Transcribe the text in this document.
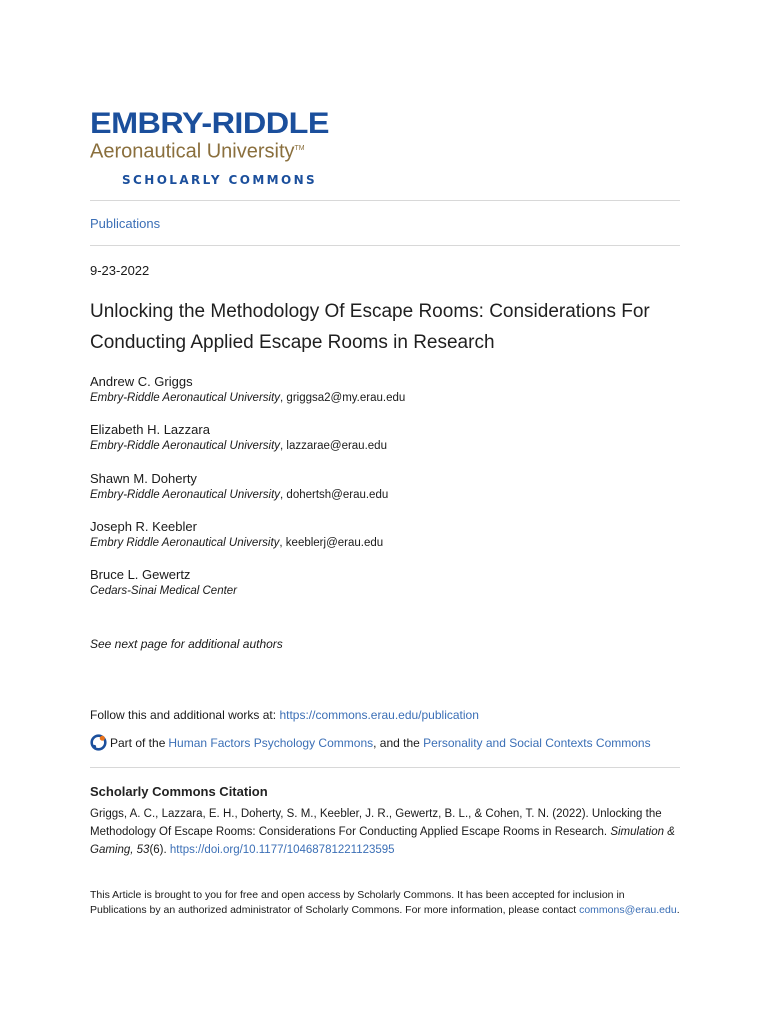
EMBRY-RIDDLE
Aeronautical University™
SCHOLARLY COMMONS
Publications
9-23-2022
Unlocking the Methodology Of Escape Rooms: Considerations For Conducting Applied Escape Rooms in Research
Andrew C. Griggs
Embry-Riddle Aeronautical University, griggsa2@my.erau.edu
Elizabeth H. Lazzara
Embry-Riddle Aeronautical University, lazzarae@erau.edu
Shawn M. Doherty
Embry-Riddle Aeronautical University, dohertsh@erau.edu
Joseph R. Keebler
Embry Riddle Aeronautical University, keeblerj@erau.edu
Bruce L. Gewertz
Cedars-Sinai Medical Center
See next page for additional authors
Follow this and additional works at: https://commons.erau.edu/publication
Part of the Human Factors Psychology Commons , and the Personality and Social Contexts Commons
Scholarly Commons Citation
Griggs, A. C., Lazzara, E. H., Doherty, S. M., Keebler, J. R., Gewertz, B. L., & Cohen, T. N. (2022). Unlocking the Methodology Of Escape Rooms: Considerations For Conducting Applied Escape Rooms in Research. Simulation & Gaming, 53(6). https://doi.org/10.1177/10468781221123595
This Article is brought to you for free and open access by Scholarly Commons. It has been accepted for inclusion in Publications by an authorized administrator of Scholarly Commons. For more information, please contact commons@erau.edu.
